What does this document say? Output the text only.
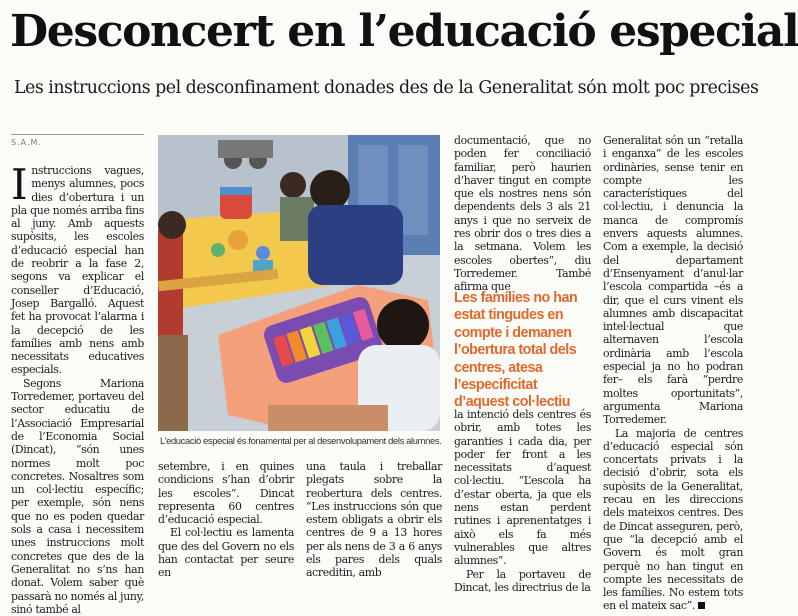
Desconcert en l’educació especial

Les instruccions pel desconfinament donades des de la Generalitat són molt poc precises

S.A.M.

Instruccions vagues, menys alumnes, pocs dies d’obertura i un pla que només arriba fins al juny. Amb aquests supòsits, les escoles d’educació especial han de reobrir a la fase 2, segons va explicar el conseller d’Educació, Josep Bargalló. Aquest fet ha provocat l’alarma i la decepció de les famílies amb nens amb necessitats educatives especials.

Segons Mariona Torredemer, portaveu del sector educatiu de l’Associació Empresarial de l’Economia Social (Dincat), “són unes normes molt poc concretes. Nosaltres som un col·lectiu específic; per exemple, són nens que no es poden quedar sols a casa i necessitem unes instruccions molt concretes que des de la Generalitat no s’ns han donat. Volem saber què passarà no només al juny, sinó també al

L’educació especial és fonamental per al desenvolupament dels alumnes.

setembre, i en quines condicions s’han d’obrir les escoles”. Dincat representa 60 centres d’educació especial.

El col·lectiu es lamenta que des del Govern no els han contactat per seure en

una taula i treballar plegats sobre la reobertura dels centres. “Les instruccions són que estem obligats a obrir els centres de 9 a 13 hores per als nens de 3 a 6 anys els pares dels quals acreditin, amb

documentació, que no poden fer conciliació familiar, però haurien d’haver tingut en compte que els nostres nens són dependents dels 3 als 21 anys i que no serveix de res obrir dos o tres dies a la setmana. Volem les escoles obertes”, diu Torredemer. També afirma que

Les famílies no han estat tingudes en compte i demanen l’obertura total dels centres, atesa l’especificitat d’aquest col·lectiu

la intenció dels centres és obrir, amb totes les garanties i cada dia, per poder fer front a les necessitats d’aquest col·lectiu. “L’escola ha d’estar oberta, ja que els nens estan perdent rutines i aprenentatges i això els fa més vulnerables que altres alumnes”.

Per la portaveu de Dincat, les directrius de la

Generalitat són un “retalla i enganxa” de les escoles ordinàries, sense tenir en compte les característiques del col·lectiu, i denuncia la manca de compromís envers aquests alumnes. Com a exemple, la decisió del departament d’Ensenyament d’anul·lar l’escola compartida –és a dir, que el curs vinent els alumnes amb discapacitat intel·lectual que alternaven l’escola ordinària amb l’escola especial ja no ho podran fer– els farà “perdre moltes oportunitats”, argumenta Mariona Torredemer.

La majoria de centres d’educació especial són concertats privats i la decisió d’obrir, sota els supòsits de la Generalitat, recau en les direccions dels mateixos centres. Des de Dincat asseguren, però, que “la decepció amb el Govern és molt gran perquè no han tingut en compte les necessitats de les famílies. No estem tots en el mateix sac”.
